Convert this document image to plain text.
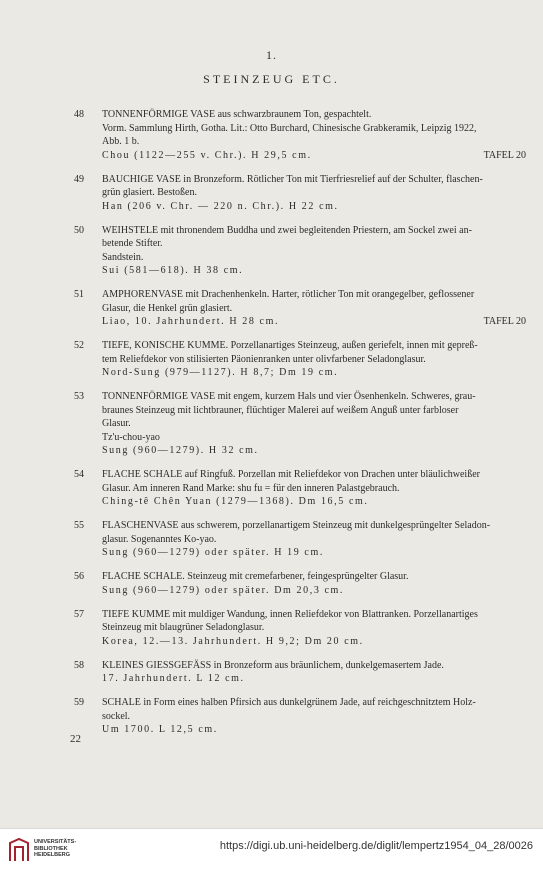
1.
STEINZEUG ETC.
48 TONNENFÖRMIGE VASE aus schwarzbraunem Ton, gespachtelt.
Vorm. Sammlung Hirth, Gotha. Lit.: Otto Burchard, Chinesische Grabkeramik, Leipzig 1922,
Abb. 1 b.
Chou (1122—255 v. Chr.). H 29,5 cm.	TAFEL 20
49 BAUCHIGE VASE in Bronzeform. Rötlicher Ton mit Tierfriesrelief auf der Schulter, flaschen-
grün glasiert. Bestoßen.
Han (206 v. Chr. — 220 n. Chr.). H 22 cm.
50 WEIHSTELE mit thronendem Buddha und zwei begleitenden Priestern, am Sockel zwei an-
betende Stifter.
Sandstein.
Sui (581—618). H 38 cm.
51 AMPHORENVASE mit Drachenhenkeln. Harter, rötlicher Ton mit orangegelber, geflossener
Glasur, die Henkel grün glasiert.
Liao, 10. Jahrhundert. H 28 cm.	TAFEL 20
52 TIEFE, KONISCHE KUMME. Porzellanartiges Steinzeug, außen geriefelt, innen mit gepreß-
tem Reliefdekor von stilisierten Päonienranken unter olivfarbener Seladonglasur.
Nord-Sung (979—1127). H 8,7; Dm 19 cm.
53 TONNENFÖRMIGE VASE mit engem, kurzem Hals und vier Ösenhenkeln. Schweres, grau-
braunes Steinzeug mit lichtbrauner, flüchtiger Malerei auf weißem Anguß unter farbloser
Glasur.
Tz'u-chou-yao
Sung (960—1279). H 32 cm.
54 FLACHE SCHALE auf Ringfuß. Porzellan mit Reliefdekor von Drachen unter bläulichweißer
Glasur. Am inneren Rand Marke: shu fu = für den inneren Palastgebrauch.
Ching-tê Chên Yuan (1279—1368). Dm 16,5 cm.
55 FLASCHENVASE aus schwerem, porzellanartigem Steinzeug mit dunkelgesprüngelter Seladon-
glasur. Sogenanntes Ko-yao.
Sung (960—1279) oder später. H 19 cm.
56 FLACHE SCHALE. Steinzeug mit cremefarbener, feingesprüngelter Glasur.
Sung (960—1279) oder später. Dm 20,3 cm.
57 TIEFE KUMME mit muldiger Wandung, innen Reliefdekor von Blattranken. Porzellanartiges
Steinzeug mit blaugrüner Seladonglasur.
Korea, 12.—13. Jahrhundert. H 9,2; Dm 20 cm.
58 KLEINES GIESSGEFÄSS in Bronzeform aus bräunlichem, dunkelgemasertem Jade.
17. Jahrhundert. L 12 cm.
59 SCHALE in Form eines halben Pfirsich aus dunkelgrünem Jade, auf reichgeschnitztem Holz-
sockel.
Um 1700. L 12,5 cm.
22
UNIVERSITÄTS-
BIBLIOTHEK
HEIDELBERG
https://digi.ub.uni-heidelberg.de/diglit/lempertz1954_04_28/0026
